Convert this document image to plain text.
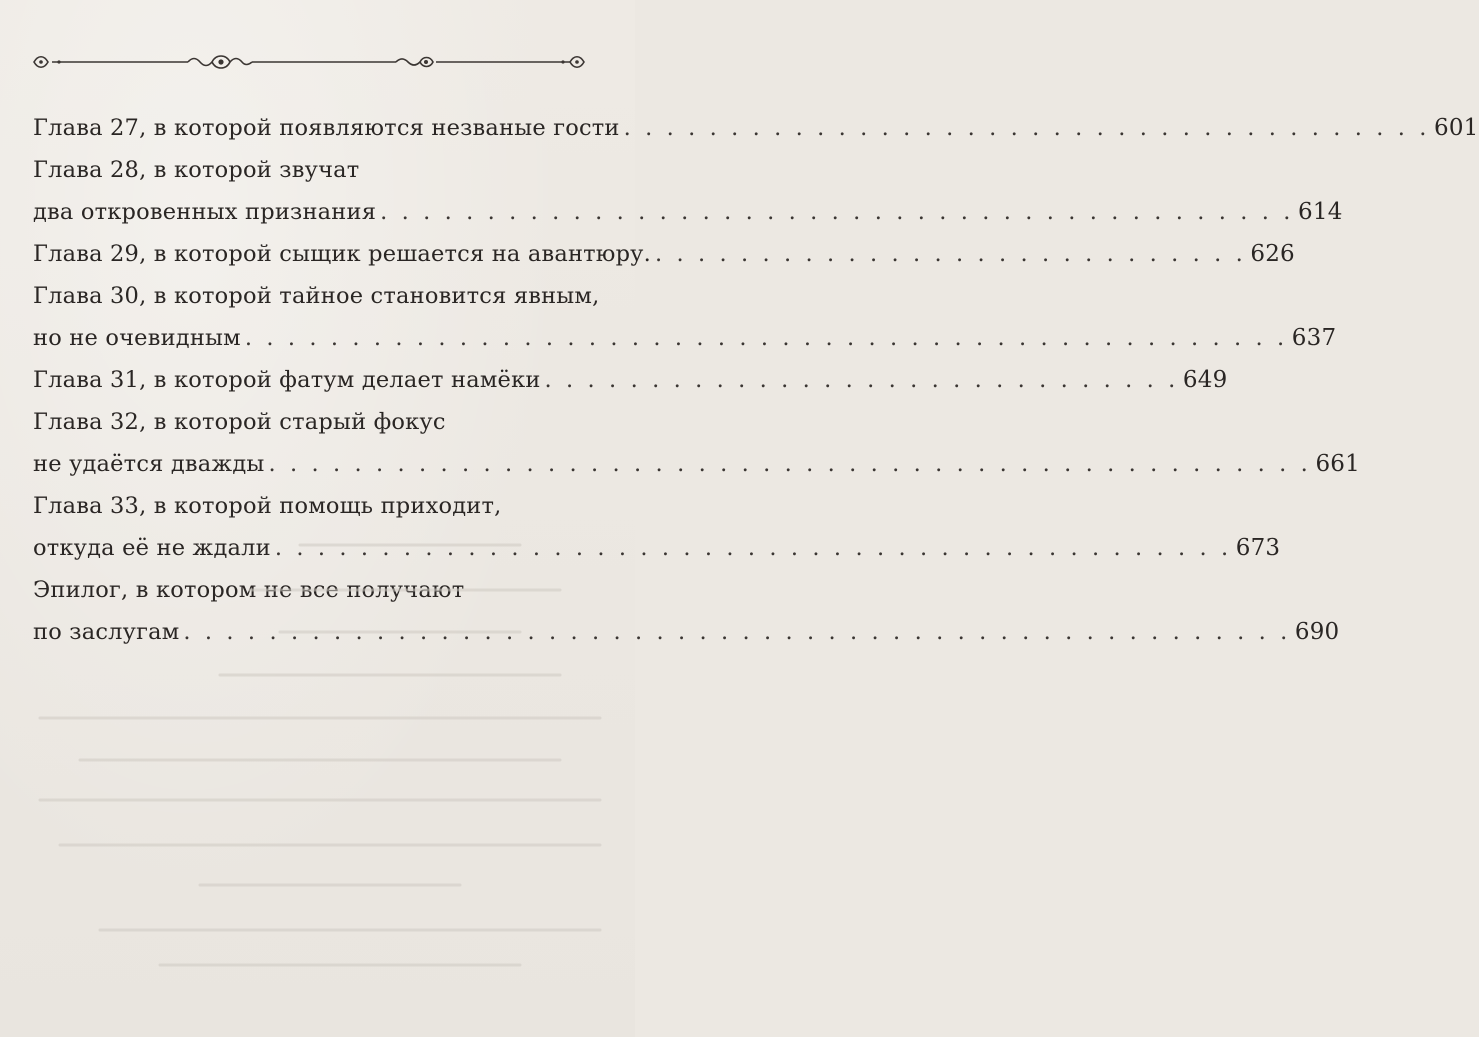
Глава 27, в которой появляются незваные гости . . . . . . . . . . . . . . . . . . . . . . . . . . . . . . . . . . . . . . 601
Глава 28, в которой звучат
два откровенных признания . . . . . . . . . . . . . . . . . . . . . . . . . . . . . . . . . . . . . . . . . . . 614
Глава 29, в которой сыщик решается на авантюру. . . . . . . . . . . . . . . . . . . . . . . . . . . . . 626
Глава 30, в которой тайное становится явным,
но не очевидным . . . . . . . . . . . . . . . . . . . . . . . . . . . . . . . . . . . . . . . . . . . . . . . . . 637
Глава 31, в которой фатум делает намёки . . . . . . . . . . . . . . . . . . . . . . . . . . . . . . 649
Глава 32, в которой старый фокус
не удаётся дважды . . . . . . . . . . . . . . . . . . . . . . . . . . . . . . . . . . . . . . . . . . . . . . . . . 661
Глава 33, в которой помощь приходит,
откуда её не ждали . . . . . . . . . . . . . . . . . . . . . . . . . . . . . . . . . . . . . . . . . . . . . 673
Эпилог, в котором не все получают
по заслугам . . . . . . . . . . . . . . . . . . . . . . . . . . . . . . . . . . . . . . . . . . . . . . . . . . . . 690
